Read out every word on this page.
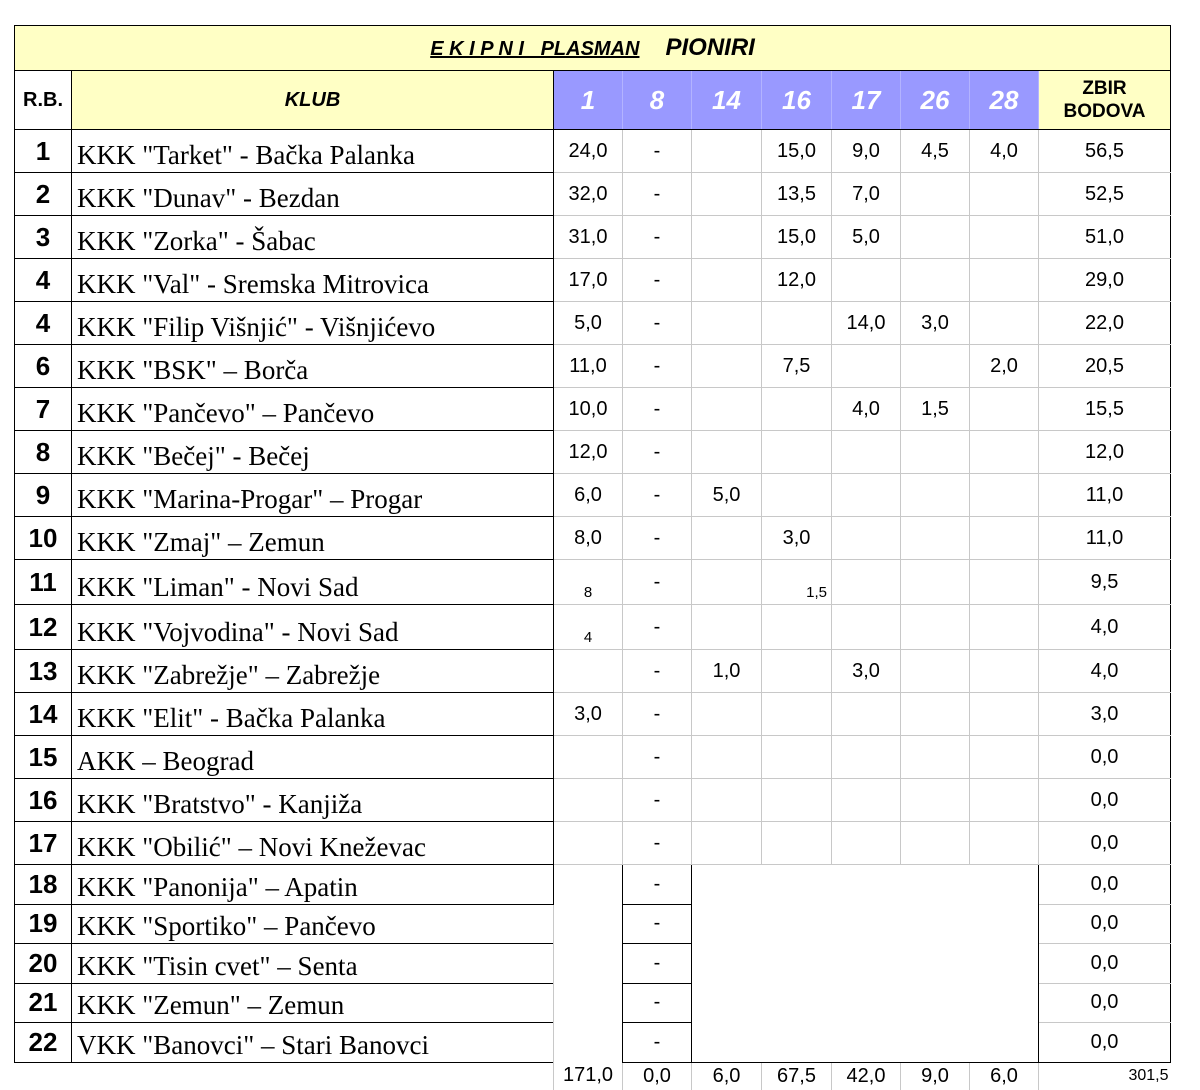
E K I P N I   PLASMAN PIONIRI									
R.B.	KLUB	1	8	14	16	17	26	28	ZBIR
BODOVA
1	KKK "Tarket" - Bačka Palanka	24,0	-		15,0	9,0	4,5	4,0	56,5
2	KKK "Dunav" - Bezdan	32,0	-		13,5	7,0			52,5
3	KKK "Zorka" - Šabac	31,0	-		15,0	5,0			51,0
4	KKK "Val" - Sremska Mitrovica	17,0	-		12,0				29,0
4	KKK "Filip Višnjić" - Višnjićevo	5,0	-			14,0	3,0		22,0
6	KKK "BSK" – Borča	11,0	-		7,5			2,0	20,5
7	KKK "Pančevo" – Pančevo	10,0	-			4,0	1,5		15,5
8	KKK "Bečej" - Bečej	12,0	-						12,0
9	KKK "Marina-Progar" – Progar	6,0	-	5,0					11,0
10	KKK "Zmaj" – Zemun	8,0	-		3,0				11,0
11	KKK "Liman" - Novi Sad	8	-		1,5				9,5
12	KKK "Vojvodina" - Novi Sad	4	-						4,0
13	KKK "Zabrežje" – Zabrežje		-	1,0		3,0			4,0
14	KKK "Elit" - Bačka Palanka	3,0	-						3,0
15	AKK – Beograd		-						0,0
16	KKK "Bratstvo" - Kanjiža		-						0,0
17	KKK "Obilić" – Novi Kneževac		-						0,0
18	KKK "Panonija" – Apatin		-						0,0
19	KKK "Sportiko" – Pančevo		-						0,0
20	KKK "Tisin cvet" – Senta		-						0,0
21	KKK "Zemun" – Zemun		-						0,0
22	VKK "Banovci" – Stari Banovci		-						0,0
		171,0	0,0	6,0	67,5	42,0	9,0	6,0	301,5
